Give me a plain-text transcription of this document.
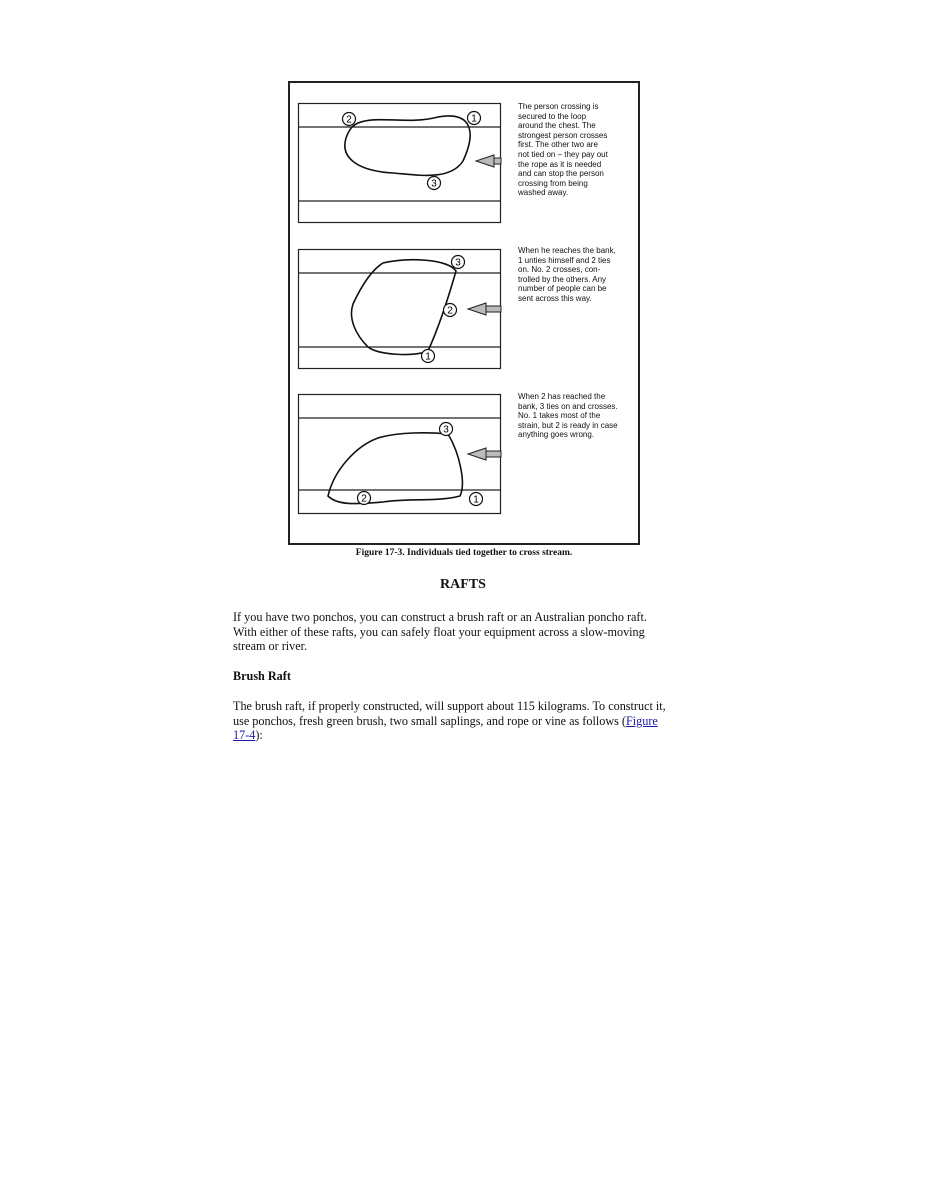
2	1
3
The person crossing is
secured to the loop
around the chest. The
strongest person crosses
first. The other two are
not tied on – they pay out
the rope as it is needed
and can stop the person
crossing from being
washed away.
3
2
1
When he reaches the bank,
1 unties himself and 2 ties
on. No. 2 crosses, con-
trolled by the others. Any
number of people can be
sent across this way.
3
2	1
When 2 has reached the
bank, 3 ties on and crosses.
No. 1 takes most of the
strain, but 2 is ready in case
anything goes wrong.
Figure 17-3. Individuals tied together to cross stream.
RAFTS
If you have two ponchos, you can construct a brush raft or an Australian poncho raft.
With either of these rafts, you can safely float your equipment across a slow-moving
stream or river.
Brush Raft
The brush raft, if properly constructed, will support about 115 kilograms. To construct it,
use ponchos, fresh green brush, two small saplings, and rope or vine as follows (Figure
17-4):
